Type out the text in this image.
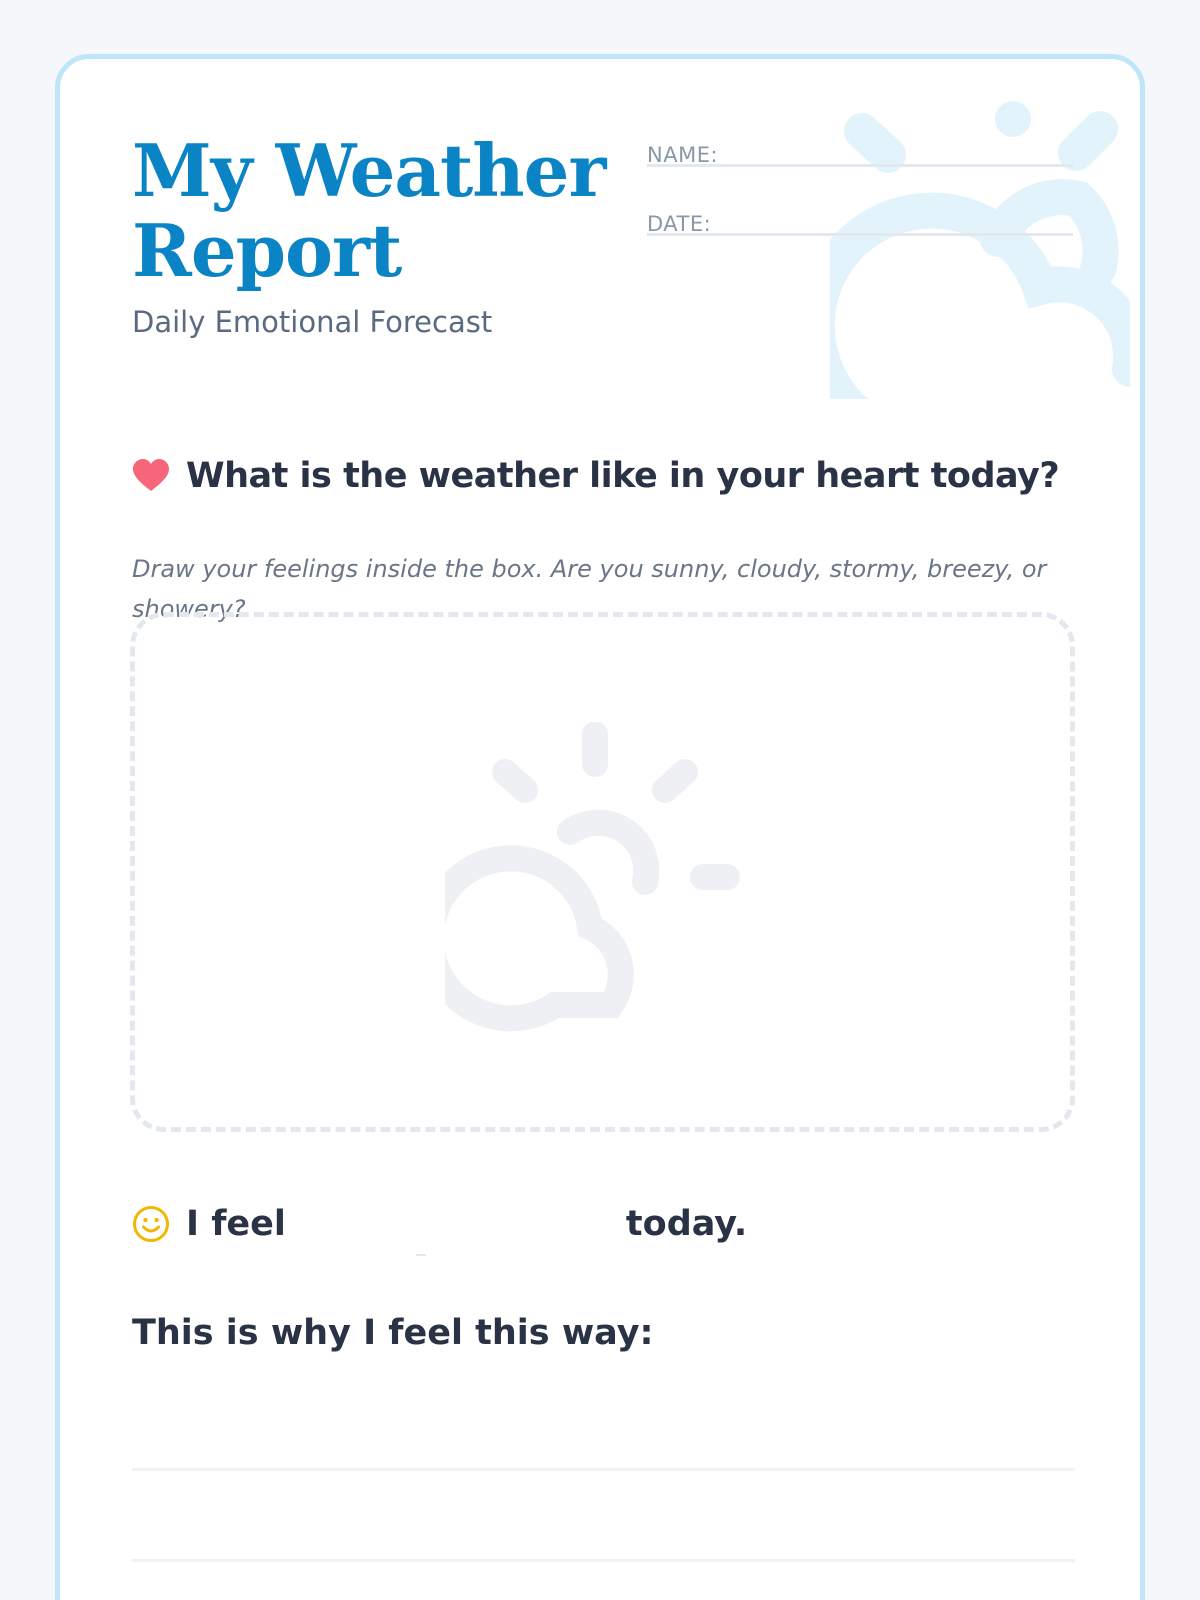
My Weather
Report
Daily Emotional Forecast
NAME:
DATE:
What is the weather like in your heart today?
Draw your feelings inside the box. Are you sunny, cloudy, stormy, breezy, or showery?
I feel	today.
This is why I feel this way:
